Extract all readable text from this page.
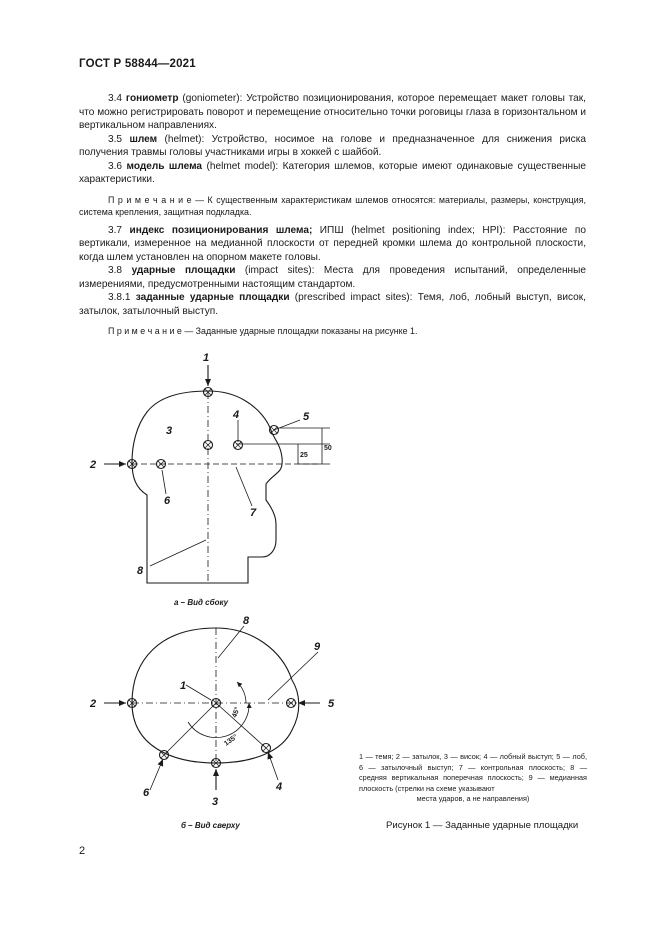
ГОСТ Р 58844—2021

3.4 гониометр (goniometer): Устройство позиционирования, которое перемещает макет головы так, что можно регистрировать поворот и перемещение относительно точки роговицы глаза в горизонтальном и вертикальном направлениях.

3.5 шлем (helmet): Устройство, носимое на голове и предназначенное для снижения риска получения травмы головы участниками игры в хоккей с шайбой.

3.6 модель шлема (helmet model): Категория шлемов, которые имеют одинаковые существенные характеристики.

П р и м е ч а н и е — К существенным характеристикам шлемов относятся: материалы, размеры, конструкция, система крепления, защитная подкладка.

3.7 индекс позиционирования шлема; ИПШ (helmet positioning index; HPI): Расстояние по вертикали, измеренное на медианной плоскости от передней кромки шлема до контрольной плоскости, когда шлем установлен на опорном макете головы.

3.8 ударные площадки (impact sites): Места для проведения испытаний, определенные измерениями, предусмотренными настоящим стандартом.

3.8.1 заданные ударные площадки (prescribed impact sites): Темя, лоб, лобный выступ, висок, затылок, затылочный выступ.

П р и м е ч а н и е — Заданные ударные площадки показаны на рисунке 1.

1
2
3
4	5
6
7
8
50
25
а – Вид сбоку
1
2
3
4
5
6
8
9
45°
135°
б – Вид сверху
1 — темя; 2 — затылок, 3 — висок; 4 — лобный выступ; 5 — лоб, 6 — затылочный выступ; 7 — контрольная плоскость; 8 — средняя вертикальная поперечная плоскость; 9 — медианная плоскость (стрелки на схеме указывают
места ударов, а не направления)
Рисунок 1 — Заданные ударные площадки
2
